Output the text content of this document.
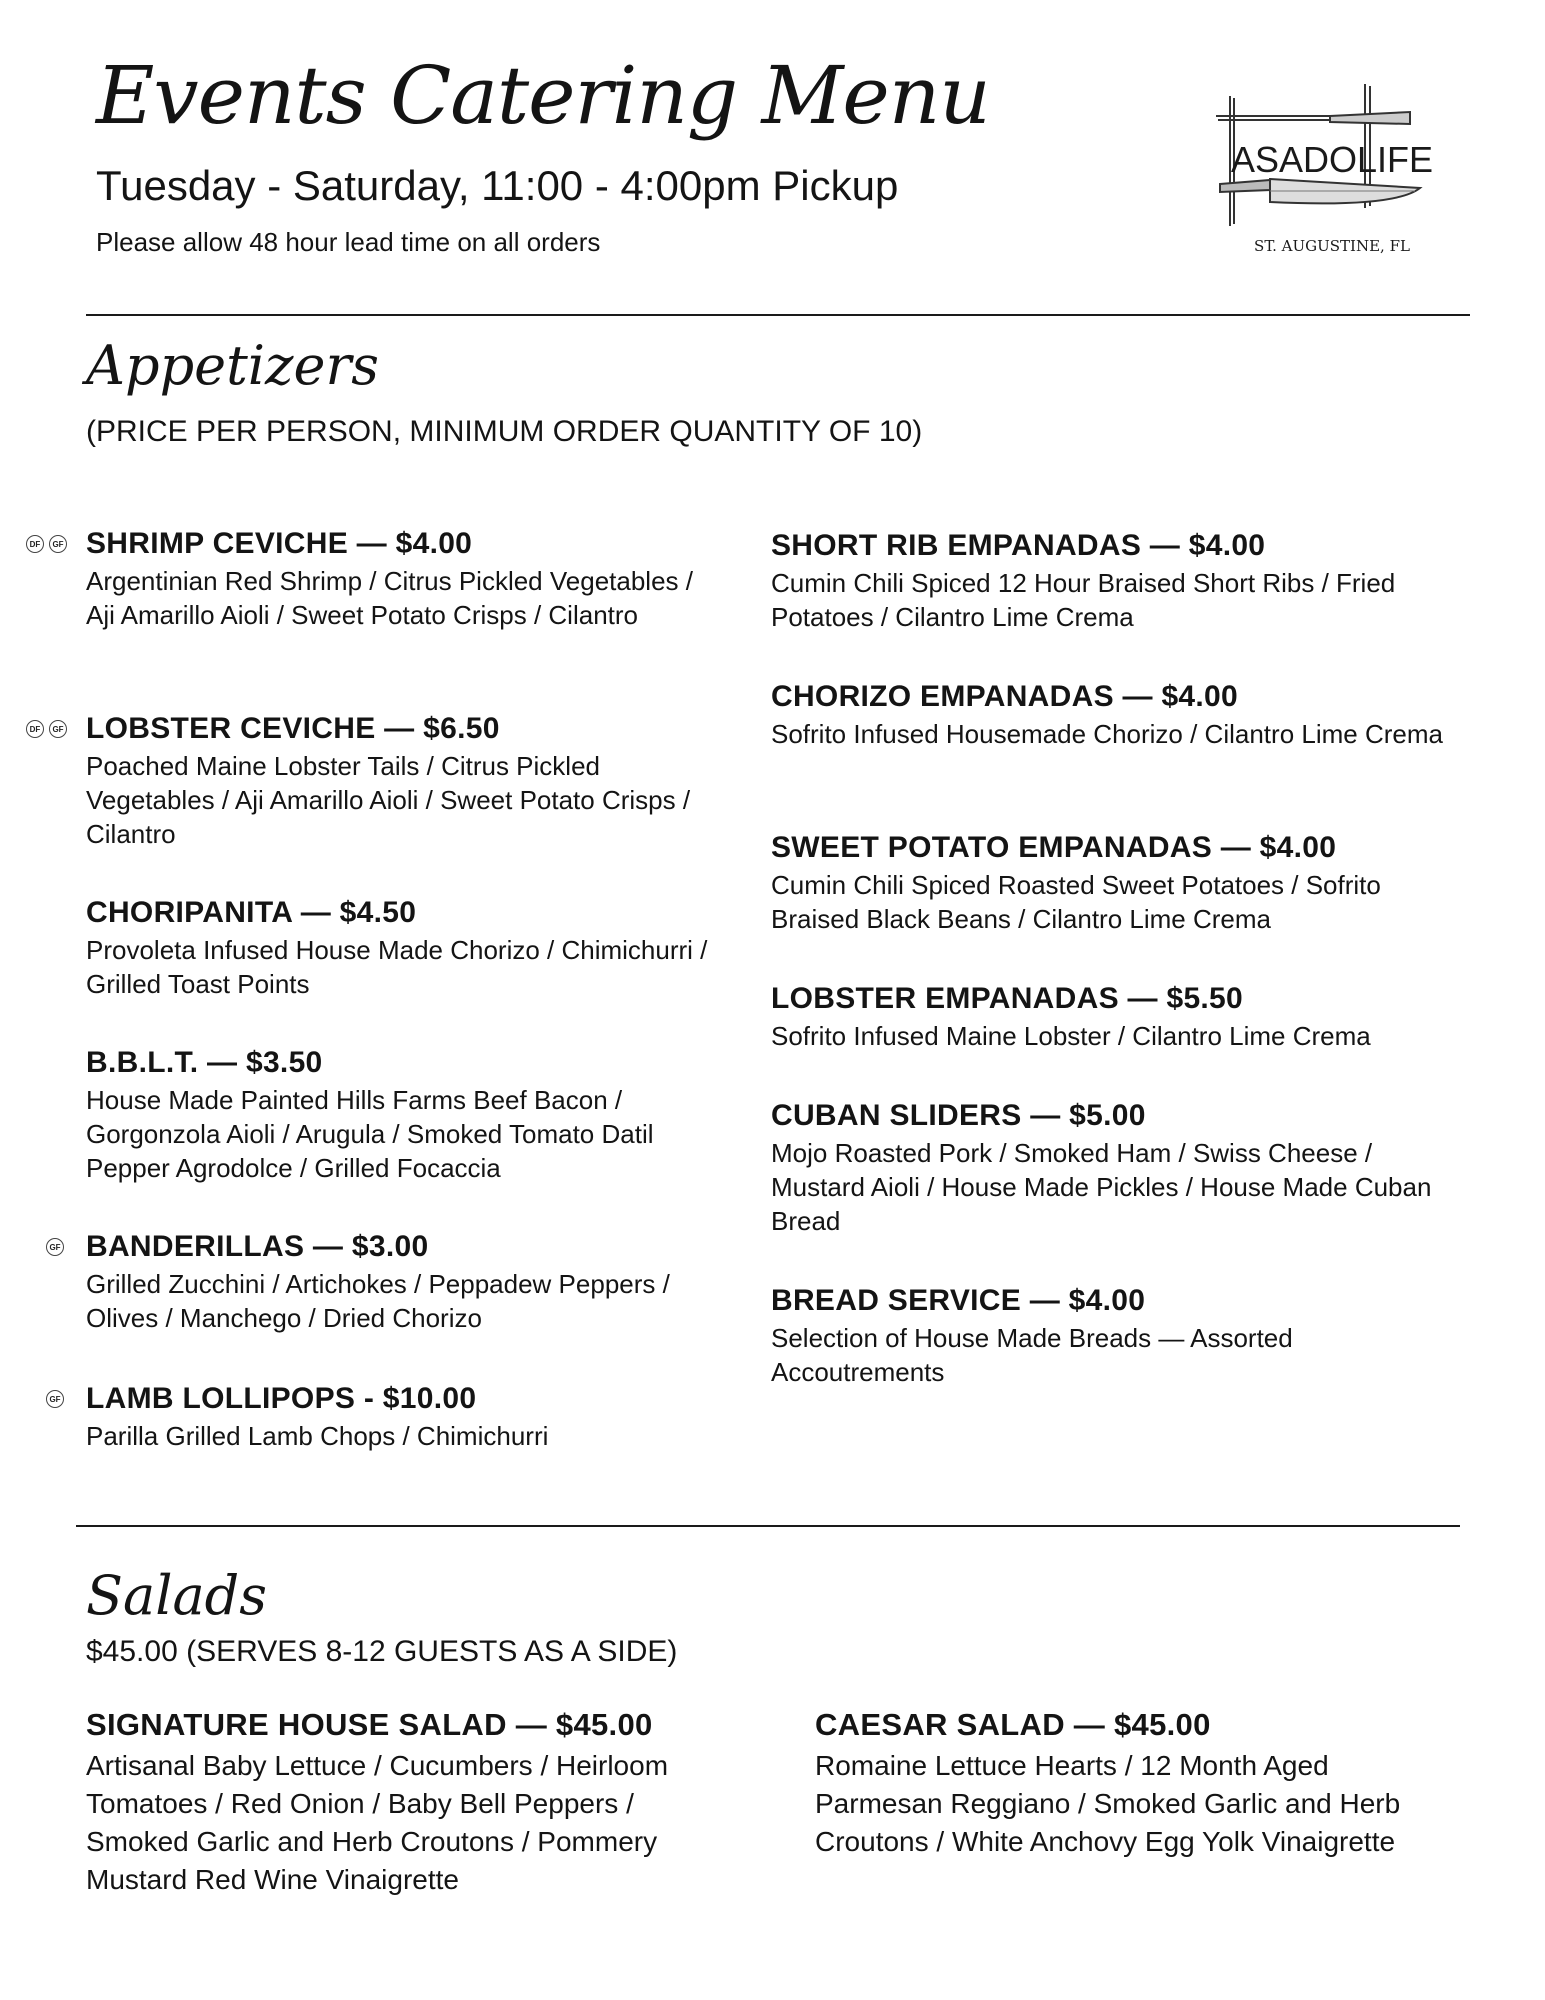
Events Catering Menu
Tuesday - Saturday, 11:00 - 4:00pm Pickup
Please allow 48 hour lead time on all orders
ASADOLIFE
ST. AUGUSTINE, FL
Appetizers
(PRICE PER PERSON, MINIMUM ORDER QUANTITY OF 10)
DF	GF SHRIMP CEVICHE — $4.00
Argentinian Red Shrimp / Citrus Pickled Vegetables / Aji Amarillo Aioli / Sweet Potato Crisps / Cilantro
DF	GF LOBSTER CEVICHE — $6.50
Poached Maine Lobster Tails / Citrus Pickled Vegetables / Aji Amarillo Aioli / Sweet Potato Crisps / Cilantro
CHORIPANITA — $4.50
Provoleta Infused House Made Chorizo / Chimichurri / Grilled Toast Points
B.B.L.T. — $3.50
House Made Painted Hills Farms Beef Bacon / Gorgonzola Aioli / Arugula / Smoked Tomato Datil Pepper Agrodolce / Grilled Focaccia
GF BANDERILLAS — $3.00
Grilled Zucchini / Artichokes / Peppadew Peppers / Olives / Manchego / Dried Chorizo
GF LAMB LOLLIPOPS - $10.00
Parilla Grilled Lamb Chops / Chimichurri
SHORT RIB EMPANADAS — $4.00
Cumin Chili Spiced 12 Hour Braised Short Ribs / Fried Potatoes / Cilantro Lime Crema
CHORIZO EMPANADAS — $4.00
Sofrito Infused Housemade Chorizo / Cilantro Lime Crema
SWEET POTATO EMPANADAS — $4.00
Cumin Chili Spiced Roasted Sweet Potatoes / Sofrito Braised Black Beans / Cilantro Lime Crema
LOBSTER EMPANADAS — $5.50
Sofrito Infused Maine Lobster / Cilantro Lime Crema
CUBAN SLIDERS — $5.00
Mojo Roasted Pork / Smoked Ham / Swiss Cheese / Mustard Aioli / House Made Pickles / House Made Cuban Bread
BREAD SERVICE — $4.00
Selection of House Made Breads — Assorted Accoutrements
Salads
$45.00 (SERVES 8-12 GUESTS AS A SIDE)
SIGNATURE HOUSE SALAD — $45.00
Artisanal Baby Lettuce / Cucumbers / Heirloom Tomatoes / Red Onion / Baby Bell Peppers / Smoked Garlic and Herb Croutons / Pommery Mustard Red Wine Vinaigrette
CAESAR SALAD — $45.00
Romaine Lettuce Hearts / 12 Month Aged Parmesan Reggiano / Smoked Garlic and Herb Croutons / White Anchovy Egg Yolk Vinaigrette
